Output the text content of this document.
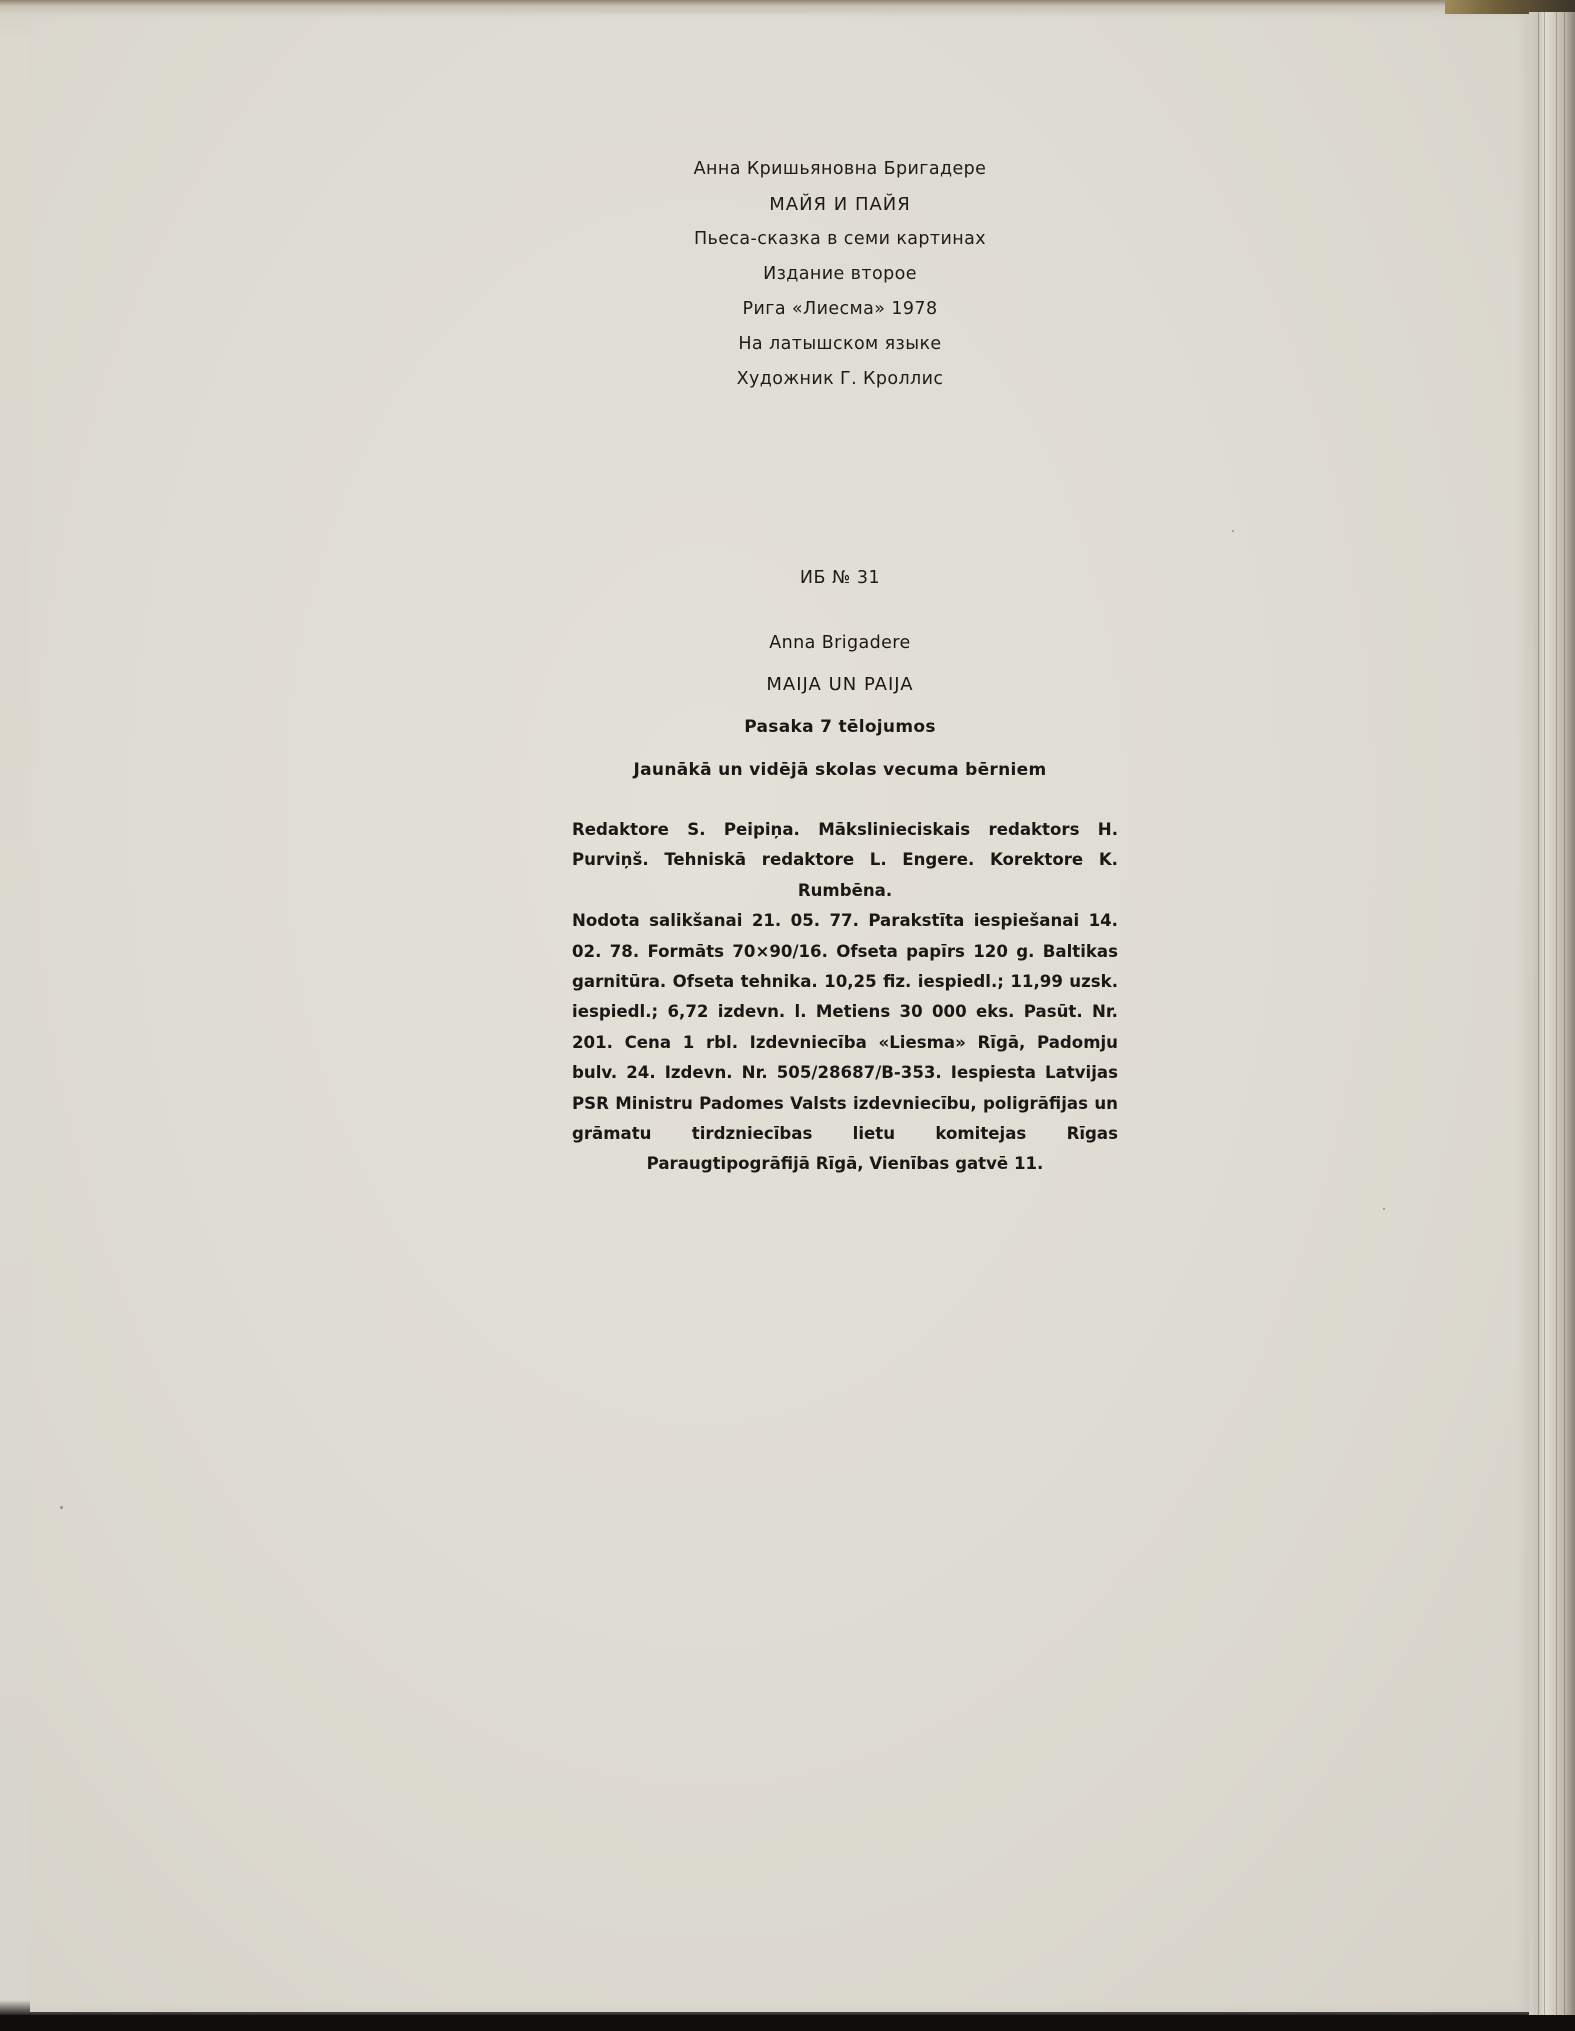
Анна Кришьяновна Бригадере
МАЙЯ И ПАЙЯ
Пьеса-сказка в семи картинах
Издание второе
Рига «Лиесма» 1978
На латышском языке
Художник Г. Кроллис
ИБ № 31
Anna Brigadere
MAIJA UN PAIJA
Pasaka 7 tēlojumos
Jaunākā un vidējā skolas vecuma bērniem

Redaktore S. Peipiņa. Mākslinieciskais redaktors H. Purviņš. Tehniskā redaktore L. Engere. Korektore K. Rumbēna.

Nodota salikšanai 21. 05. 77. Parakstīta iespiešanai 14. 02. 78. Formāts 70×90/16. Ofseta papīrs 120 g. Baltikas garnitūra. Ofseta tehnika. 10,25 fiz. iespiedl.; 11,99 uzsk. iespiedl.; 6,72 izdevn. l. Metiens 30 000 eks. Pasūt. Nr. 201. Cena 1 rbl. Izdevniecība «Liesma» Rīgā, Padomju bulv. 24. Izdevn. Nr. 505/28687/B-353. Iespiesta Latvijas PSR Ministru Padomes Valsts izdevniecību, poligrāfijas un grāmatu tirdzniecības lietu komitejas Rīgas Paraugtipogrāfijā Rīgā, Vienības gatvē 11.
